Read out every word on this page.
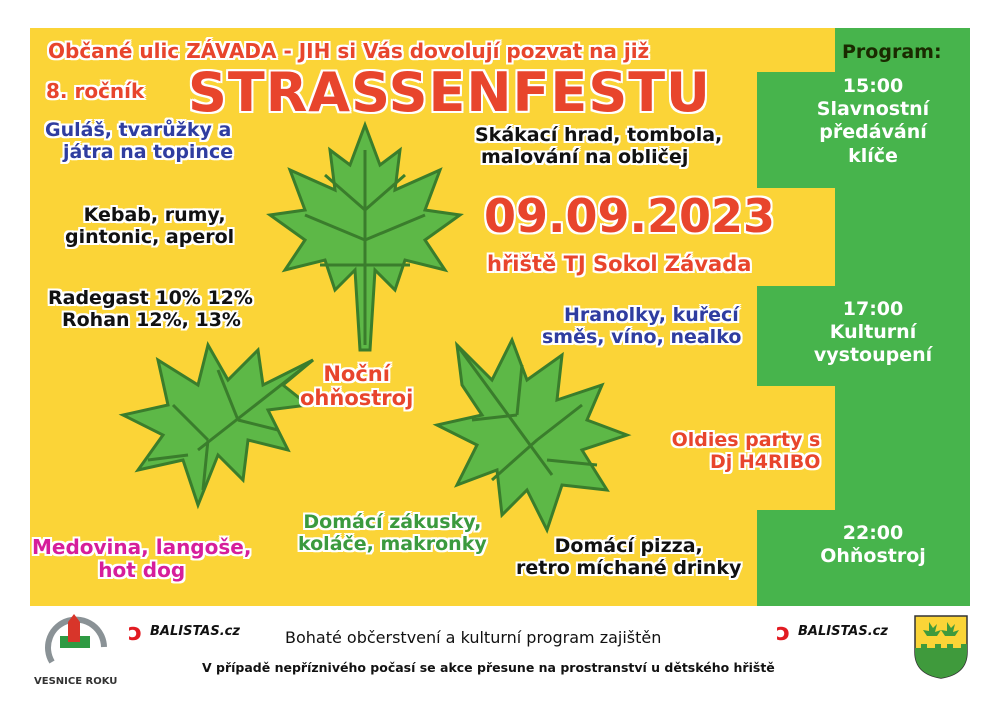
Občané ulic ZÁVADA - JIH si Vás dovolují pozvat na již
8. ročník STRASSENFESTU
Guláš, tvarůžky a
játra na topince
Kebab, rumy,
gintonic, aperol
Radegast 10% 12%
Rohan 12%, 13%
Skákací hrad, tombola,
malování na obličej
09.09.2023
hřiště TJ Sokol Závada
Hranolky, kuřecí
směs, víno, nealko
Noční
ohňostroj
Oldies party s
Dj H4RIBO
Medovina, langoše,
hot dog
Domácí zákusky,
koláče, makronky	Domácí pizza,
retro míchané drinky
Program:
15:00
Slavnostní
předávání
klíče
17:00
Kulturní
vystoupení
22:00
Ohňostroj
VESNICE ROKU
ↄ BALISTAS.cz	ↄ BALISTAS.cz
Bohaté občerstvení a kulturní program zajištěn
V případě nepříznivého počasí se akce přesune na prostranství u dětského hřiště
